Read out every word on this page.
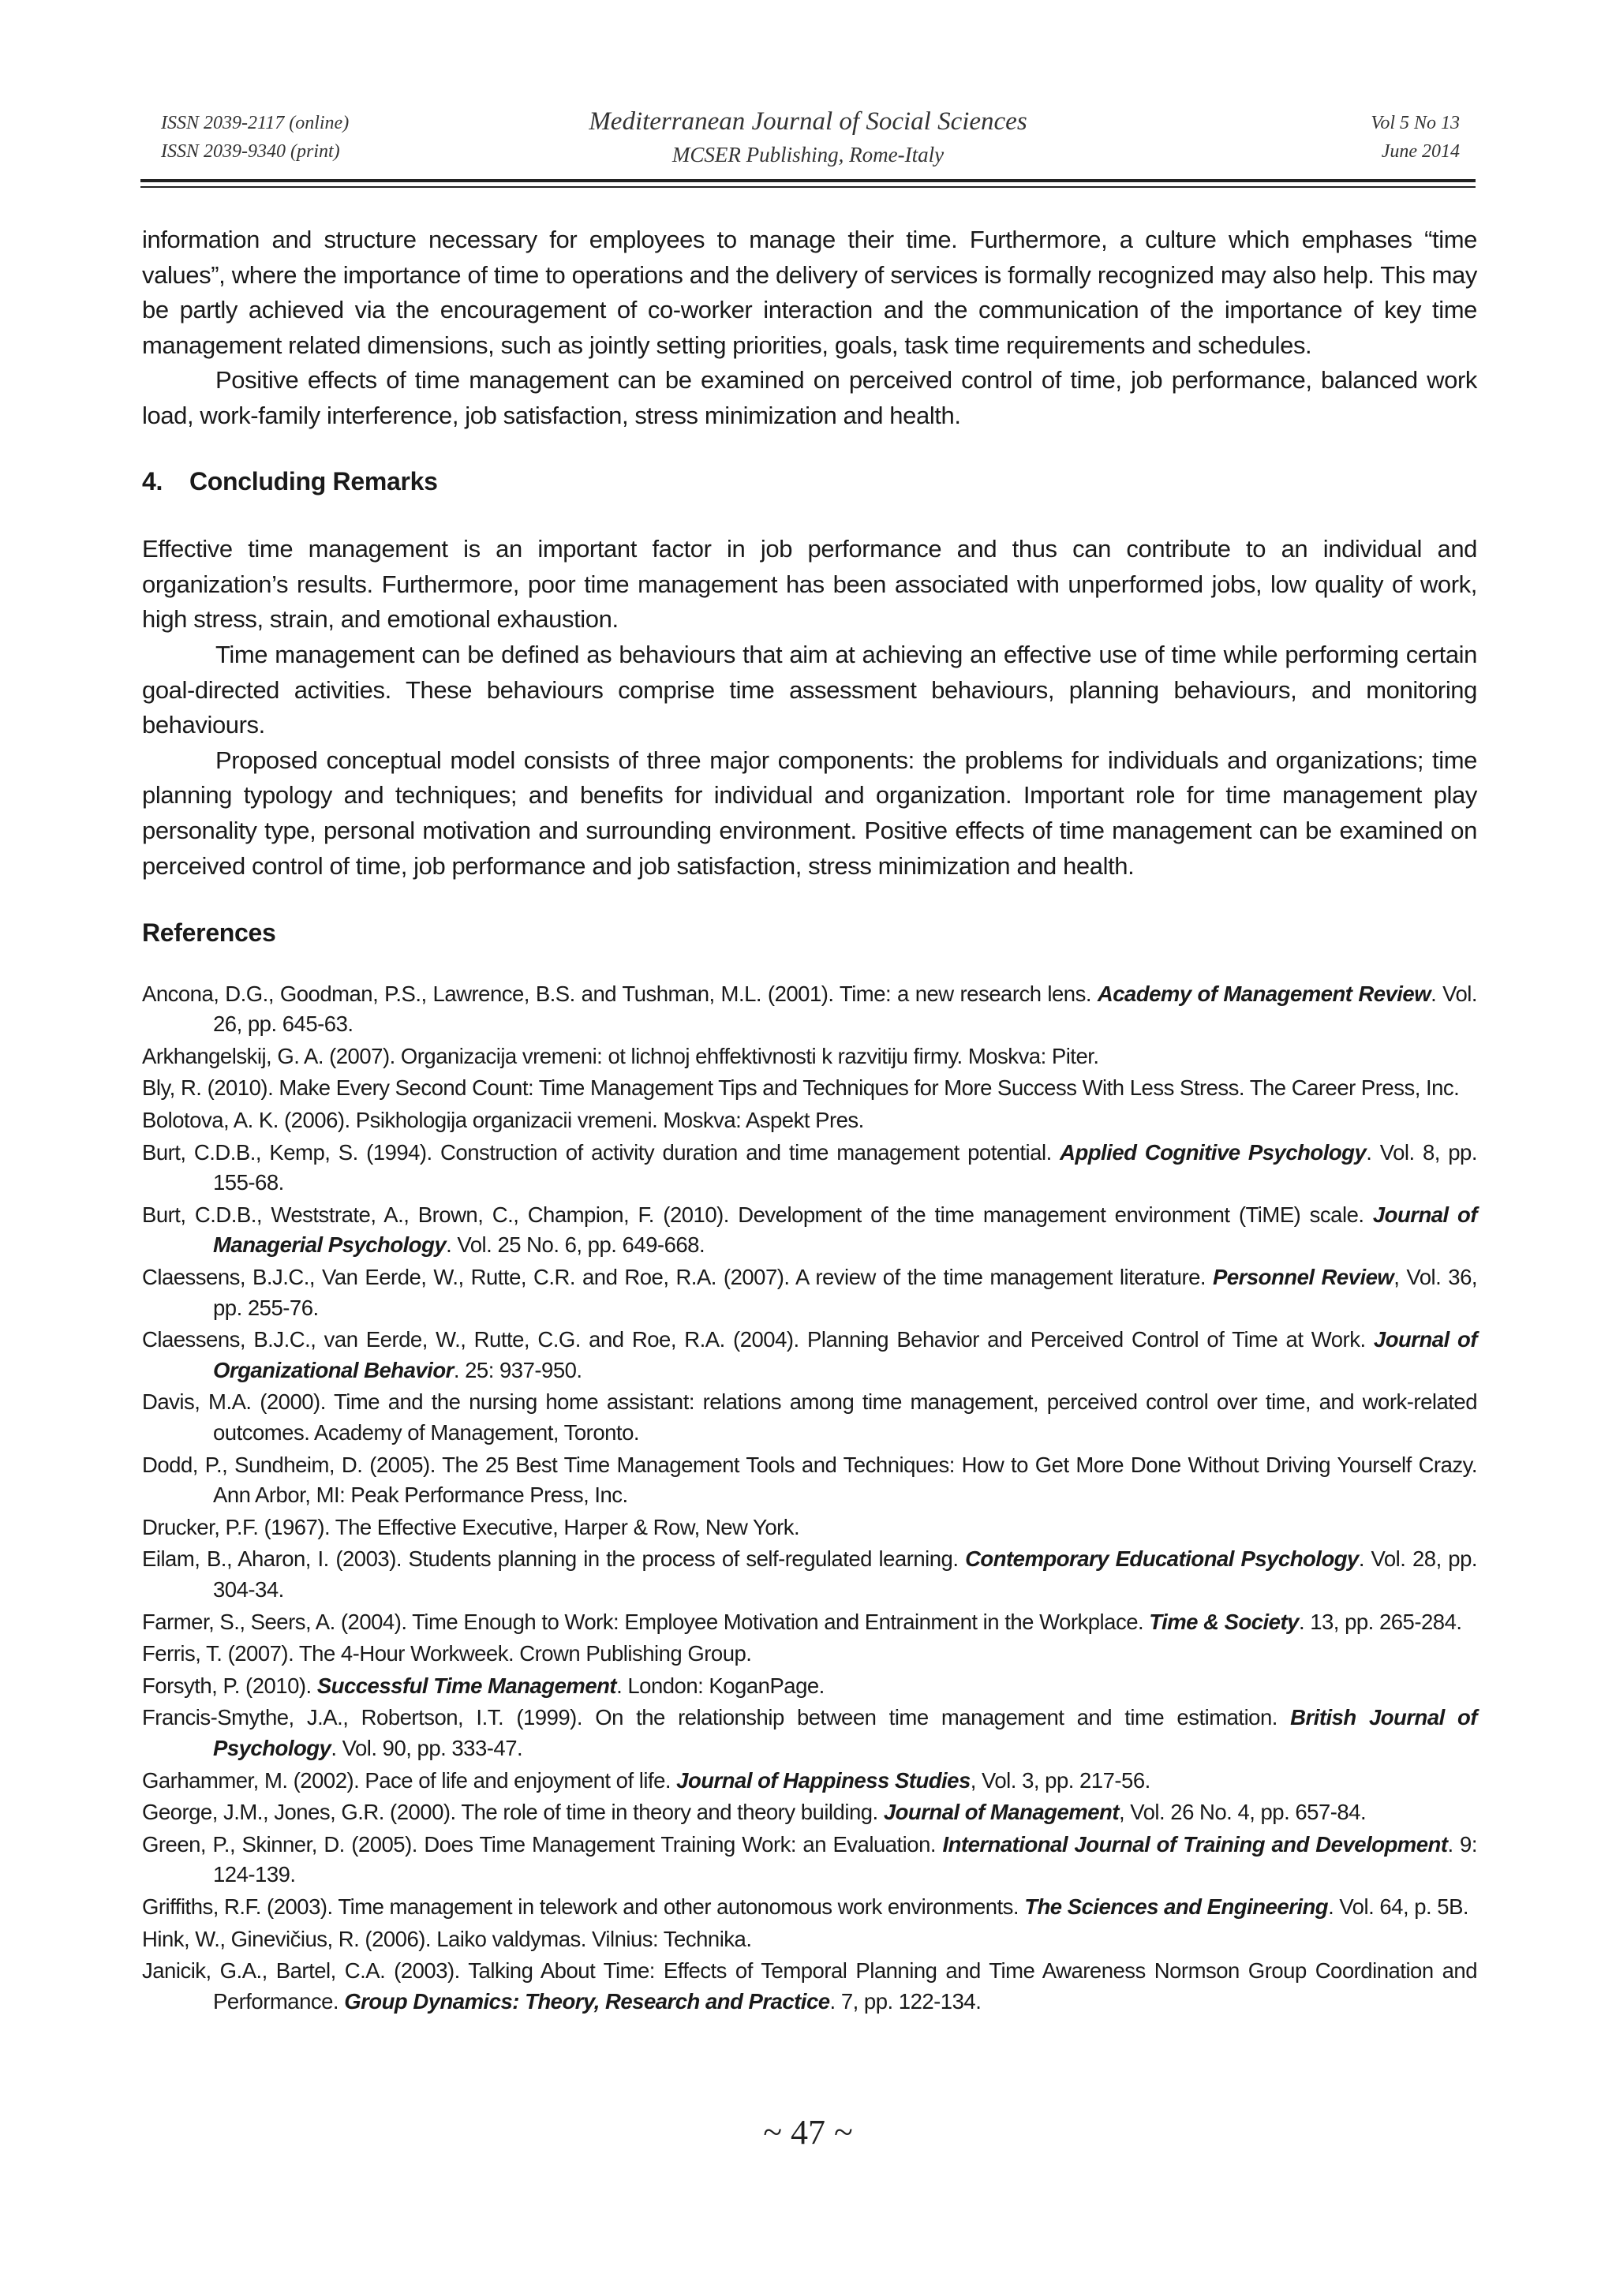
ISSN 2039-2117 (online)
ISSN 2039-9340 (print)
Mediterranean Journal of Social Sciences
MCSER Publishing, Rome-Italy
Vol 5 No 13
June 2014

information and structure necessary for employees to manage their time. Furthermore, a culture which emphases “time values”, where the importance of time to operations and the delivery of services is formally recognized may also help. This may be partly achieved via the encouragement of co-worker interaction and the communication of the importance of key time management related dimensions, such as jointly setting priorities, goals, task time requirements and schedules.

Positive effects of time management can be examined on perceived control of time, job performance, balanced work load, work-family interference, job satisfaction, stress minimization and health.

4. Concluding Remarks

Effective time management is an important factor in job performance and thus can contribute to an individual and organization’s results. Furthermore, poor time management has been associated with unperformed jobs, low quality of work, high stress, strain, and emotional exhaustion.

Time management can be defined as behaviours that aim at achieving an effective use of time while performing certain goal-directed activities. These behaviours comprise time assessment behaviours, planning behaviours, and monitoring behaviours.

Proposed conceptual model consists of three major components: the problems for individuals and organizations; time planning typology and techniques; and benefits for individual and organization. Important role for time management play personality type, personal motivation and surrounding environment. Positive effects of time management can be examined on perceived control of time, job performance and job satisfaction, stress minimization and health.

References
Ancona, D.G., Goodman, P.S., Lawrence, B.S. and Tushman, M.L. (2001). Time: a new research lens. Academy of Management Review. Vol. 26, pp. 645-63.
Arkhangelskij, G. A. (2007). Organizacija vremeni: ot lichnoj ehffektivnosti k razvitiju firmy. Moskva: Piter.
Bly, R. (2010). Make Every Second Count: Time Management Tips and Techniques for More Success With Less Stress. The Career Press, Inc.
Bolotova, A. K. (2006). Psikhologija organizacii vremeni. Moskva: Aspekt Pres.
Burt, C.D.B., Kemp, S. (1994). Construction of activity duration and time management potential. Applied Cognitive Psychology. Vol. 8, pp. 155-68.
Burt, C.D.B., Weststrate, A., Brown, C., Champion, F. (2010). Development of the time management environment (TiME) scale. Journal of Managerial Psychology. Vol. 25 No. 6, pp. 649-668.
Claessens, B.J.C., Van Eerde, W., Rutte, C.R. and Roe, R.A. (2007). A review of the time management literature. Personnel Review, Vol. 36, pp. 255-76.
Claessens, B.J.C., van Eerde, W., Rutte, C.G. and Roe, R.A. (2004). Planning Behavior and Perceived Control of Time at Work. Journal of Organizational Behavior. 25: 937-950.
Davis, M.A. (2000). Time and the nursing home assistant: relations among time management, perceived control over time, and work-related outcomes. Academy of Management, Toronto.
Dodd, P., Sundheim, D. (2005). The 25 Best Time Management Tools and Techniques: How to Get More Done Without Driving Yourself Crazy. Ann Arbor, MI: Peak Performance Press, Inc.
Drucker, P.F. (1967). The Effective Executive, Harper & Row, New York.
Eilam, B., Aharon, I. (2003). Students planning in the process of self-regulated learning. Contemporary Educational Psychology. Vol. 28, pp. 304-34.
Farmer, S., Seers, A. (2004). Time Enough to Work: Employee Motivation and Entrainment in the Workplace. Time & Society. 13, pp. 265-284.
Ferris, T. (2007). The 4-Hour Workweek. Crown Publishing Group.
Forsyth, P. (2010). Successful Time Management. London: KoganPage.
Francis-Smythe, J.A., Robertson, I.T. (1999). On the relationship between time management and time estimation. British Journal of Psychology. Vol. 90, pp. 333-47.
Garhammer, M. (2002). Pace of life and enjoyment of life. Journal of Happiness Studies, Vol. 3, pp. 217-56.
George, J.M., Jones, G.R. (2000). The role of time in theory and theory building. Journal of Management, Vol. 26 No. 4, pp. 657-84.
Green, P., Skinner, D. (2005). Does Time Management Training Work: an Evaluation. International Journal of Training and Development. 9: 124-139.
Griffiths, R.F. (2003). Time management in telework and other autonomous work environments. The Sciences and Engineering. Vol. 64, p. 5B.
Hink, W., Ginevičius, R. (2006). Laiko valdymas. Vilnius: Technika.
Janicik, G.A., Bartel, C.A. (2003). Talking About Time: Effects of Temporal Planning and Time Awareness Normson Group Coordination and Performance. Group Dynamics: Theory, Research and Practice. 7, pp. 122-134.
~ 47 ~
